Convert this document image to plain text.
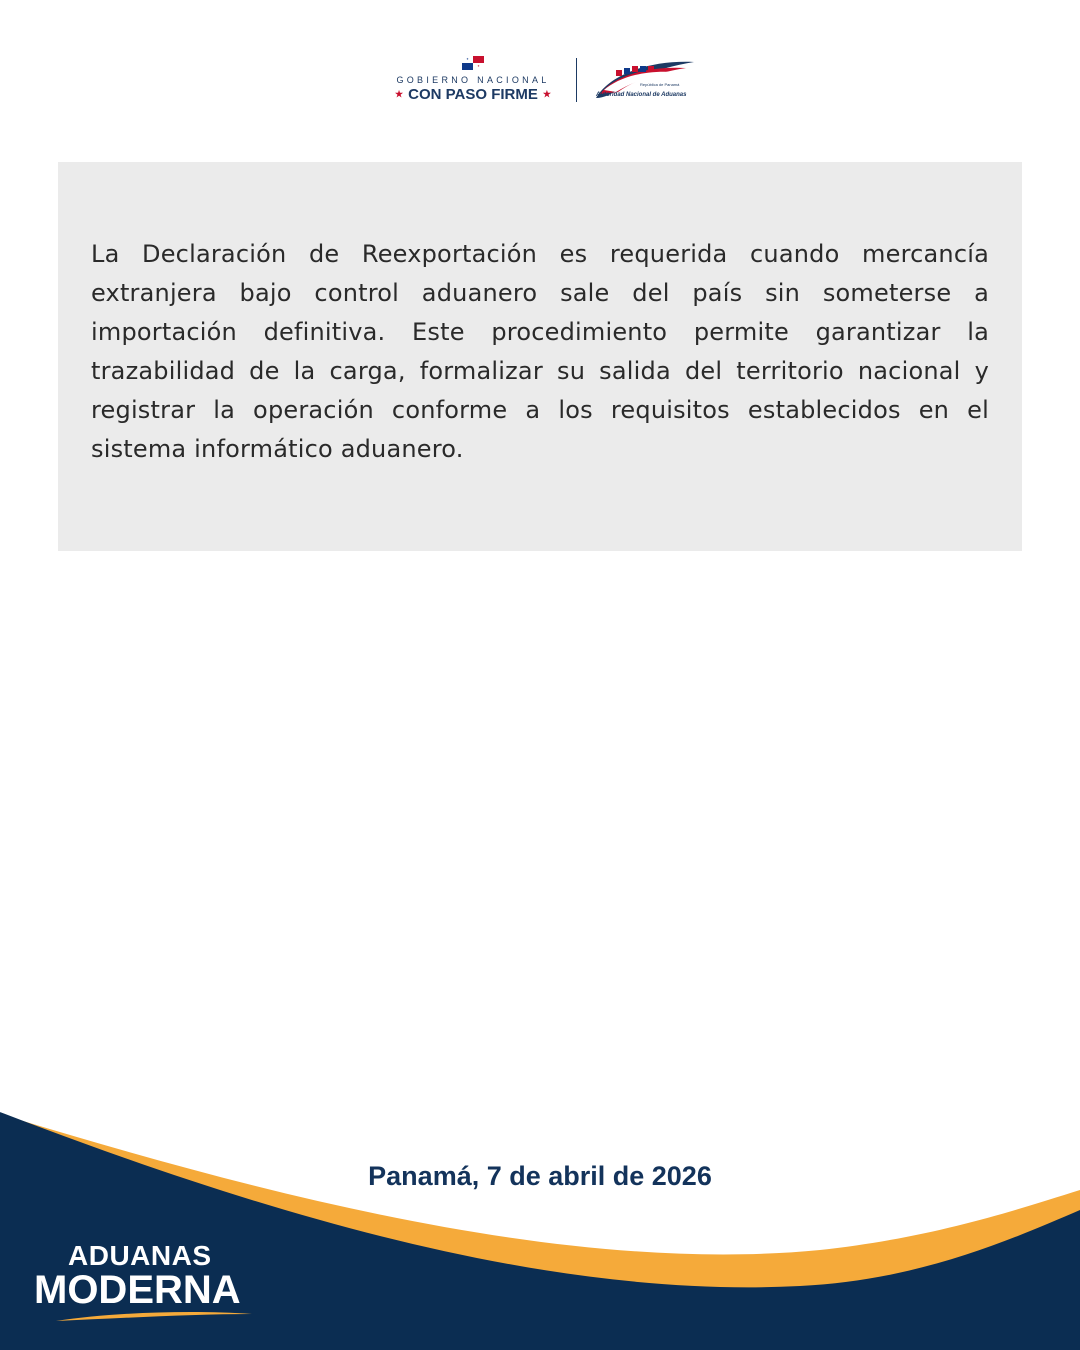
GOBIERNO NACIONAL
★ CON PASO FIRME ★
República de Panamá
Autoridad Nacional de Aduanas

La Declaración de Reexportación es requerida cuando mercancía extranjera bajo control aduanero sale del país sin someterse a importación definitiva. Este procedimiento permite garantizar la trazabilidad de la carga, formalizar su salida del territorio nacional y registrar la operación conforme a los requisitos establecidos en el sistema informático aduanero.

Panamá, 7 de abril de 2026
ADUANAS
MODERNA
